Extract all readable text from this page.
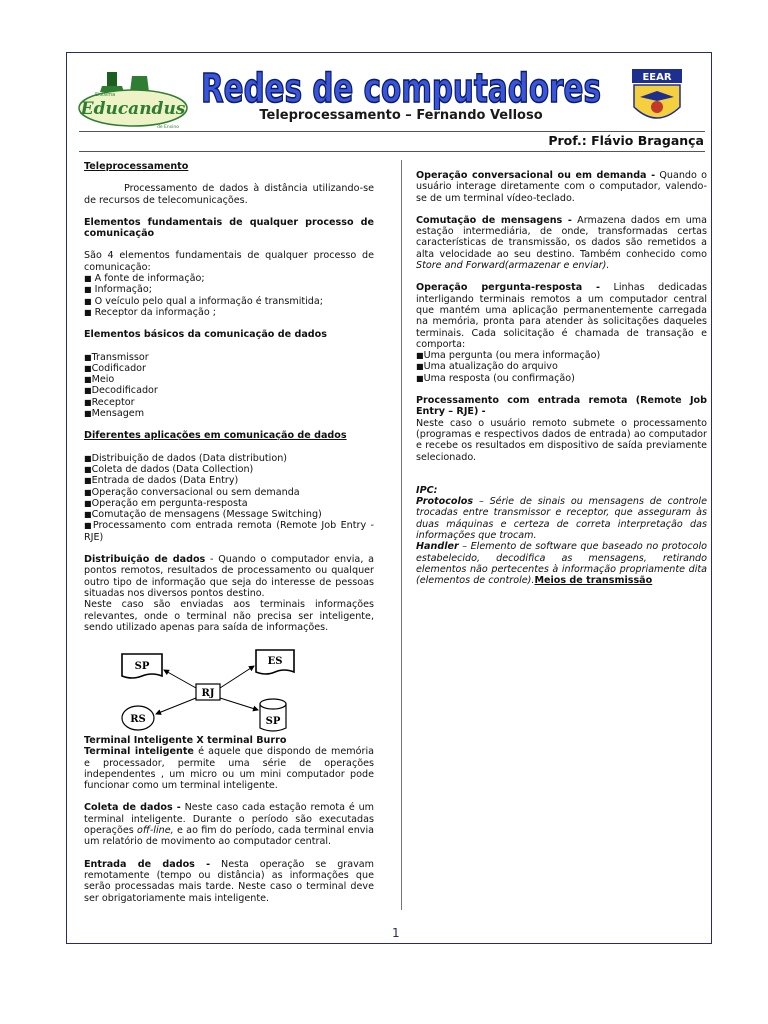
Educandus
Sistema
de Ensino
Redes de computadores
Teleprocessamento – Fernando Velloso
EEAR
Prof.: Flávio Bragança

Teleprocessamento

Processamento de dados à distância utilizando-se de recursos de telecomunicações.

Elementos fundamentais de qualquer processo de comunicação

São 4 elementos fundamentais de qualquer processo de comunicação:

■ A fonte de informação;
■ Informação;
■ O veículo pelo qual a informação é transmitida;
■ Receptor da informação ;

Elementos básicos da comunicação de dados

■Transmissor
■Codificador
■Meio
■Decodificador
■Receptor
■Mensagem

Diferentes aplicações em comunicação de dados

■Distribuição de dados (Data distribution)
■Coleta de dados (Data Collection)
■Entrada de dados (Data Entry)
■Operação conversacional ou sem demanda
■Operação em pergunta-resposta
■Comutação de mensagens (Message Switching)
■Processamento com entrada remota (Remote Job Entry - RJE)

Distribuição de dados - Quando o computador envia, a pontos remotos, resultados de processamento ou qualquer outro tipo de informação que seja do interesse de pessoas situadas nos diversos pontos destino.

Neste caso são enviadas aos terminais informações relevantes, onde o terminal não precisa ser inteligente, sendo utilizado apenas para saída de informações.

SP	ES
RJ
RS	SP
Terminal Inteligente X terminal Burro

Terminal inteligente é aquele que dispondo de memória e processador, permite uma série de operações independentes , um micro ou um mini computador pode funcionar como um terminal inteligente.

Coleta de dados - Neste caso cada estação remota é um terminal inteligente. Durante o período são executadas operações off-line, e ao fim do período, cada terminal envia um relatório de movimento ao computador central.

Entrada de dados - Nesta operação se gravam remotamente (tempo ou distância) as informações que serão processadas mais tarde. Neste caso o terminal deve ser obrigatoriamente mais inteligente.

Operação conversacional ou em demanda - Quando o usuário interage diretamente com o computador, valendo-se de um terminal vídeo-teclado.

Comutação de mensagens - Armazena dados em uma estação intermediária, de onde, transformadas certas características de transmissão, os dados são remetidos a alta velocidade ao seu destino. Também conhecido como Store and Forward(armazenar e enviar).

Operação pergunta-resposta - Linhas dedicadas interligando terminais remotos a um computador central que mantém uma aplicação permanentemente carregada na memória, pronta para atender às solicitações daqueles terminais. Cada solicitação é chamada de transação e comporta:

■Uma pergunta (ou mera informação)
■Uma atualização do arquivo
■Uma resposta (ou confirmação)

Processamento com entrada remota (Remote Job Entry – RJE) -

Neste caso o usuário remoto submete o processamento (programas e respectivos dados de entrada) ao computador e recebe os resultados em dispositivo de saída previamente selecionado.

IPC:

Protocolos – Série de sinais ou mensagens de controle trocadas entre transmissor e receptor, que asseguram às duas máquinas e certeza de correta interpretação das informações que trocam.

Handler – Elemento de software que baseado no protocolo estabelecido, decodifica as mensagens, retirando elementos não pertecentes à informação propriamente dita (elementos de controle).Meios de transmissão

1
